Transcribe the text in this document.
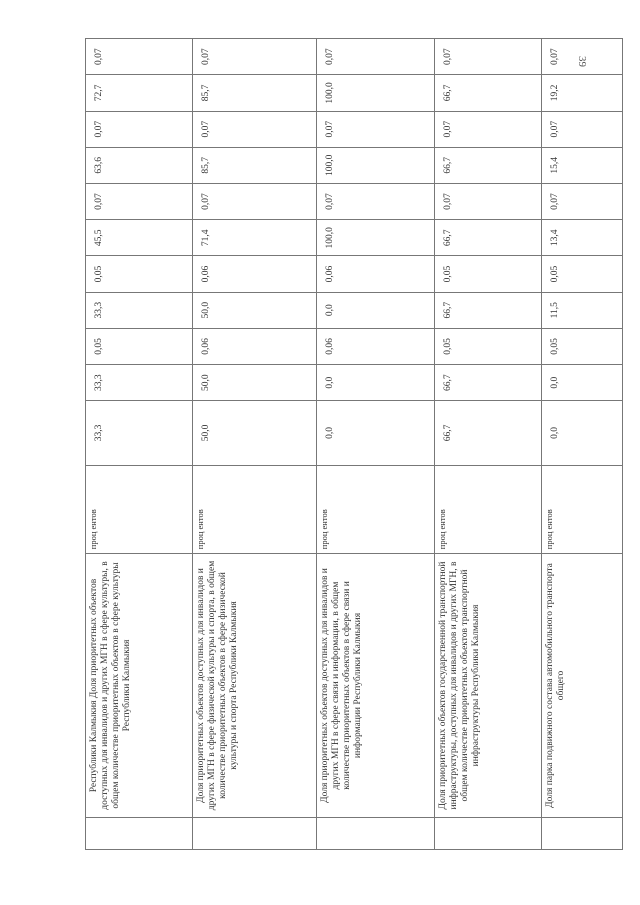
39
	Республики Калмыкия Доля приоритетных объектов доступных для инвалидов и других МГН в сфере культуры, в общем количестве приоритетных объектов в сфере культуры Республики Калмыкия	проц ентов	33,3	33,3	0,05	33,3	0,05	45,5	0,07	63,6	0,07	72,7	0,07
	Доля приоритетных объектов доступных для инвалидов и других МГН в сфере физической культуры и спорта, в общем количестве приоритетных объектов в сфере физической культуры и спорта Республики Калмыкия	проц ентов	50,0	50,0	0,06	50,0	0,06	71,4	0,07	85,7	0,07	85,7	0,07
	Доля приоритетных объектов доступных для инвалидов и других МГН в сфере связи и информации, в общем количестве приоритетных объектов в сфере связи и информации Республики Калмыкия	проц ентов	0,0	0,0	0,06	0,0	0,06	100,0	0,07	100,0	0,07	100,0	0,07
	Доля приоритетных объектов государственной транспортной инфраструктуры, доступных для инвалидов и других МГН, в общем количестве приоритетных объектов транспортной инфраструктуры Республики Калмыкия	проц ентов	66,7	66,7	0,05	66,7	0,05	66,7	0,07	66,7	0,07	66,7	0,07
	Доля парка подвижного состава автомобильного транспорта общего	проц ентов	0,0	0,0	0,05	11,5	0,05	13,4	0,07	15,4	0,07	19,2	0,07
